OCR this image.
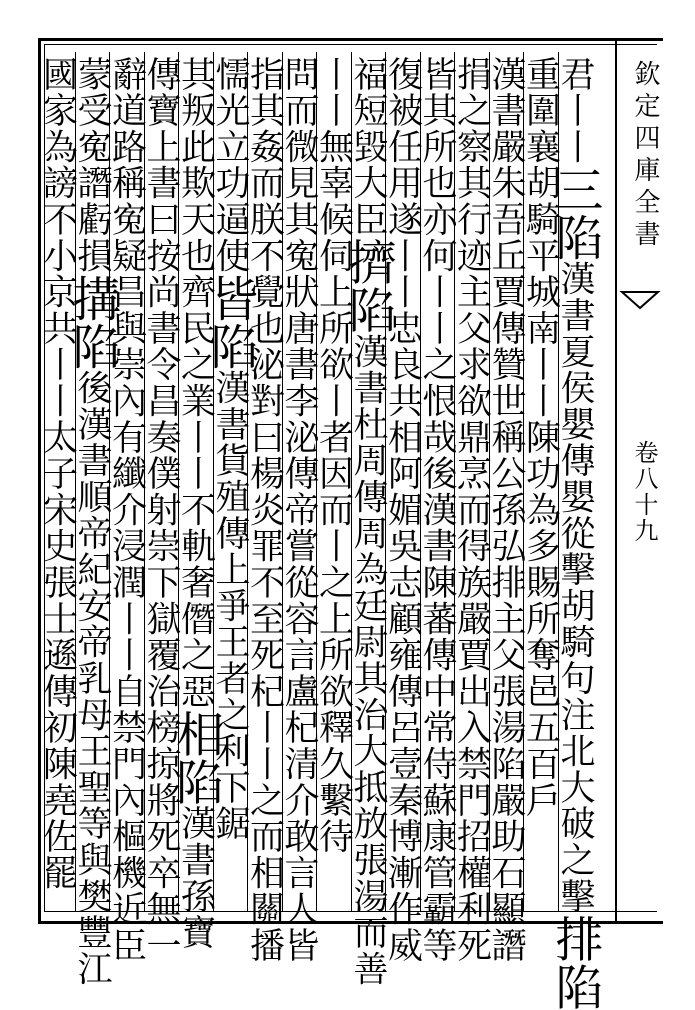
欽定四庫全書
卷八十九
君丨丨三陷漢書夏侯嬰傳嬰從擊胡騎句注北大破之擊排陷
重圍襄胡騎平城南丨丨陳功為多賜所奪邑五百戶
漢書嚴朱吾丘賈傳贊世稱公孫弘排主父張湯陷嚴助石顯譖
捐之察其行迹主父求欲鼎烹而得族嚴賈出入禁門招權利死
皆其所也亦何丨丨之恨哉後漢書陳蕃傳中常侍蘇康管霸等
復被任用遂丨丨忠良共相阿媚吳志顧雍傳呂壹秦博漸作威
福短毀大臣擠陷漢書杜周傳周為廷尉其治大抵放張湯而善
丨丨無辜候伺上所欲丨者因而丨之上所欲釋久繫待
問而微見其寃狀唐書李泌傳帝嘗從容言盧杞清介敢言人皆
指其姦而朕不覺也泌對曰楊炎罪不至死杞丨丨之而相關播
懦光立功逼使皆陷漢書貨殖傳上爭王者之利下鋸
其叛此欺天也齊民之業丨丨不軌奢僭之惡相陷漢書孫寶
傳寶上書曰按尚書令昌奏僕射崇下獄覆治榜掠將死卒無一
辭道路稱寃疑昌與崇內有纖介浸潤丨丨自禁門內樞機近臣
蒙受寃譖虧損搆陷後漢書順帝紀安帝乳母王聖等與樊豐江
國家為謗不小京共丨丨太子宋史張士遜傳初陳堯佐罷
